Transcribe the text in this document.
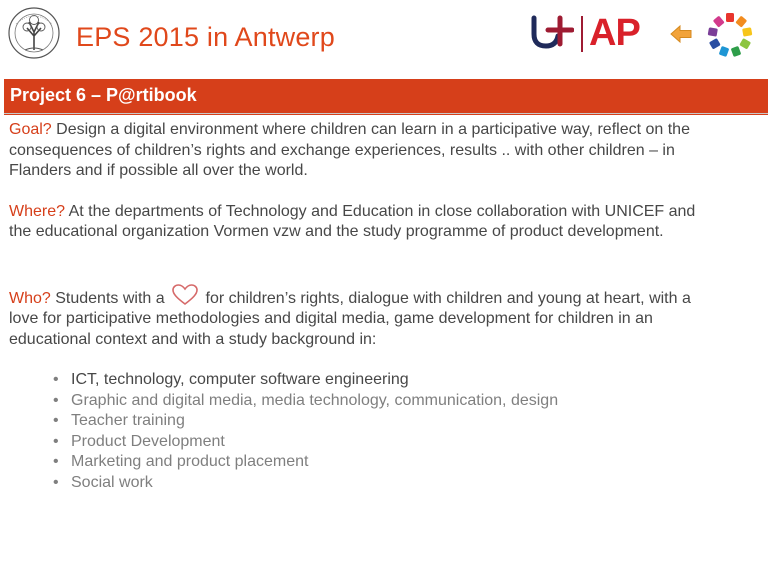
EPS 2015 in Antwerp	AP
Project 6 – P@rtibook

Goal? Design a digital environment where children can learn in a participative way, reflect on the consequences of children’s rights and exchange experiences, results .. with other children – in Flanders and if possible all over the world.

Where? At the departments of Technology and Education in close collaboration with UNICEF and the educational organization Vormen vzw and the study programme of product development.

Who? Students with a  for children’s rights, dialogue with children and young at heart, with a love for participative methodologies and digital media, game development for children in an educational context and with a study background in:

• ICT, technology, computer software engineering
• Graphic and digital media, media technology, communication, design
• Teacher training
• Product Development
• Marketing and product placement
• Social work
